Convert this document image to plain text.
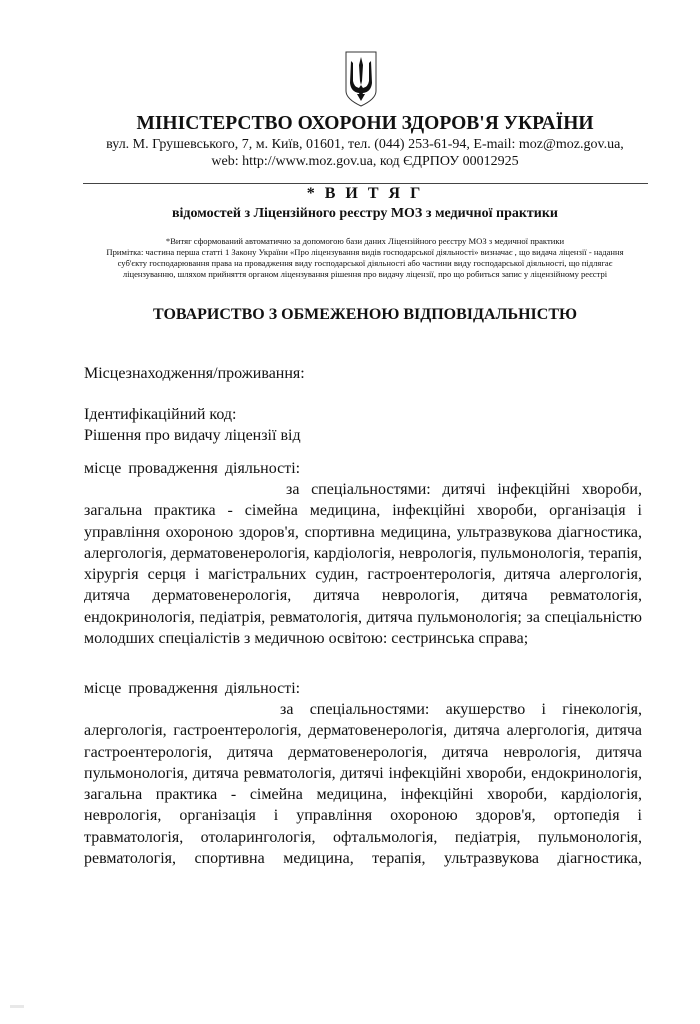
МІНІСТЕРСТВО ОХОРОНИ ЗДОРОВ'Я УКРАЇНИ
вул. М. Грушевського, 7, м. Київ, 01601, тел. (044) 253-61-94, E-mail: moz@moz.gov.ua,
web: http://www.moz.gov.ua, код ЄДРПОУ 00012925
* В И Т Я Г
відомостей з Ліцензійного реєстру МОЗ з медичної практики
*Витяг сформований автоматично за допомогою бази даних Ліцензійного реєстру МОЗ з медичної практики
Примітка: частина перша статті 1 Закону України «Про ліцензування видів господарської діяльності» визначає , що видача ліцензії - надання суб'єкту господарювання права на провадження виду господарської діяльності або частини виду господарської діяльності, що підлягає ліцензуванню, шляхом прийняття органом ліцензування рішення про видачу ліцензії, про що робиться запис у ліцензійному реєстрі
ТОВАРИСТВО З ОБМЕЖЕНОЮ ВІДПОВІДАЛЬНІСТЮ
Місцезнаходження/проживання:
Ідентифікаційний код:
Рішення про видачу ліцензії від
місце провадження діяльності:
за спеціальностями: дитячі інфекційні хвороби, загальна практика - сімейна медицина, інфекційні хвороби, організація і управління охороною здоров'я, спортивна медицина, ультразвукова діагностика, алергологія, дерматовенерологія, кардіологія, неврологія, пульмонологія, терапія, хірургія серця і магістральних судин, гастроентерологія, дитяча алергологія, дитяча дерматовенерологія, дитяча неврологія, дитяча ревматологія, ендокринологія, педіатрія, ревматологія, дитяча пульмонологія; за спеціальністю молодших спеціалістів з медичною освітою: сестринська справа;
місце провадження діяльності:
за спеціальностями: акушерство і гінекологія, алергологія, гастроентерологія, дерматовенерологія, дитяча алергологія, дитяча гастроентерологія, дитяча дерматовенерологія, дитяча неврологія, дитяча пульмонологія, дитяча ревматологія, дитячі інфекційні хвороби, ендокринологія, загальна практика - сімейна медицина, інфекційні хвороби, кардіологія, неврологія, організація і управління охороною здоров'я, ортопедія і травматологія, отоларингологія, офтальмологія, педіатрія, пульмонологія, ревматологія, спортивна медицина, терапія, ультразвукова діагностика,
